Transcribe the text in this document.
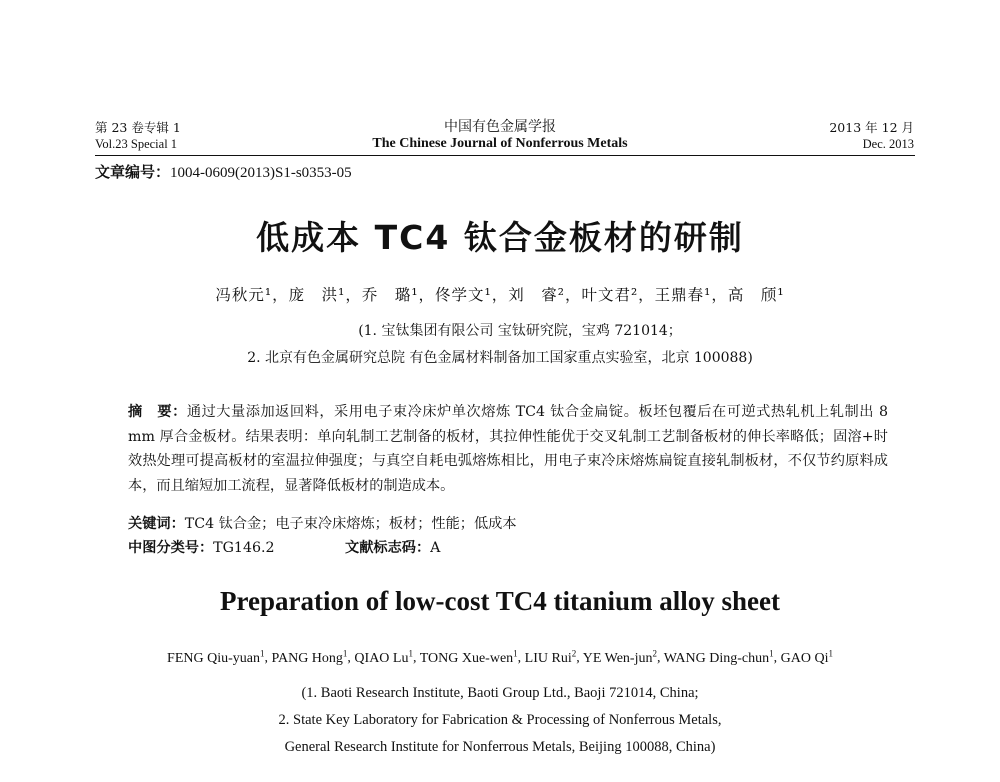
第 23 卷专辑 1
Vol.23 Special 1
中国有色金属学报
The Chinese Journal of Nonferrous Metals
2013 年 12 月
Dec. 2013
文章编号：1004-0609(2013)S1-s0353-05
低成本 TC4 钛合金板材的研制
冯秋元¹，庞　洪¹，乔　璐¹，佟学文¹，刘　睿²，叶文君²，王鼎春¹，高　颀¹
(1. 宝钛集团有限公司 宝钛研究院，宝鸡 721014；
2. 北京有色金属研究总院 有色金属材料制备加工国家重点实验室，北京 100088)
摘　要：通过大量添加返回料，采用电子束冷床炉单次熔炼 TC4 钛合金扁锭。板坯包覆后在可逆式热轧机上轧制出 8 mm 厚合金板材。结果表明：单向轧制工艺制备的板材，其拉伸性能优于交叉轧制工艺制备板材的伸长率略低；固溶+时效热处理可提高板材的室温拉伸强度；与真空自耗电弧熔炼相比，用电子束冷床熔炼扁锭直接轧制板材，不仅节约原料成本，而且缩短加工流程，显著降低板材的制造成本。
关键词：TC4 钛合金；电子束冷床熔炼；板材；性能；低成本
中图分类号：TG146.2	文献标志码：A
Preparation of low-cost TC4 titanium alloy sheet
FENG Qiu-yuan$^1$, PANG Hong$^1$, QIAO Lu$^1$, TONG Xue-wen$^1$, LIU Rui$^2$, YE Wen-jun$^2$, WANG Ding-chun$^1$, GAO Qi$^1$
(1. Baoti Research Institute, Baoti Group Ltd., Baoji 721014, China;
2. State Key Laboratory for Fabrication & Processing of Nonferrous Metals,
General Research Institute for Nonferrous Metals, Beijing 100088, China)
